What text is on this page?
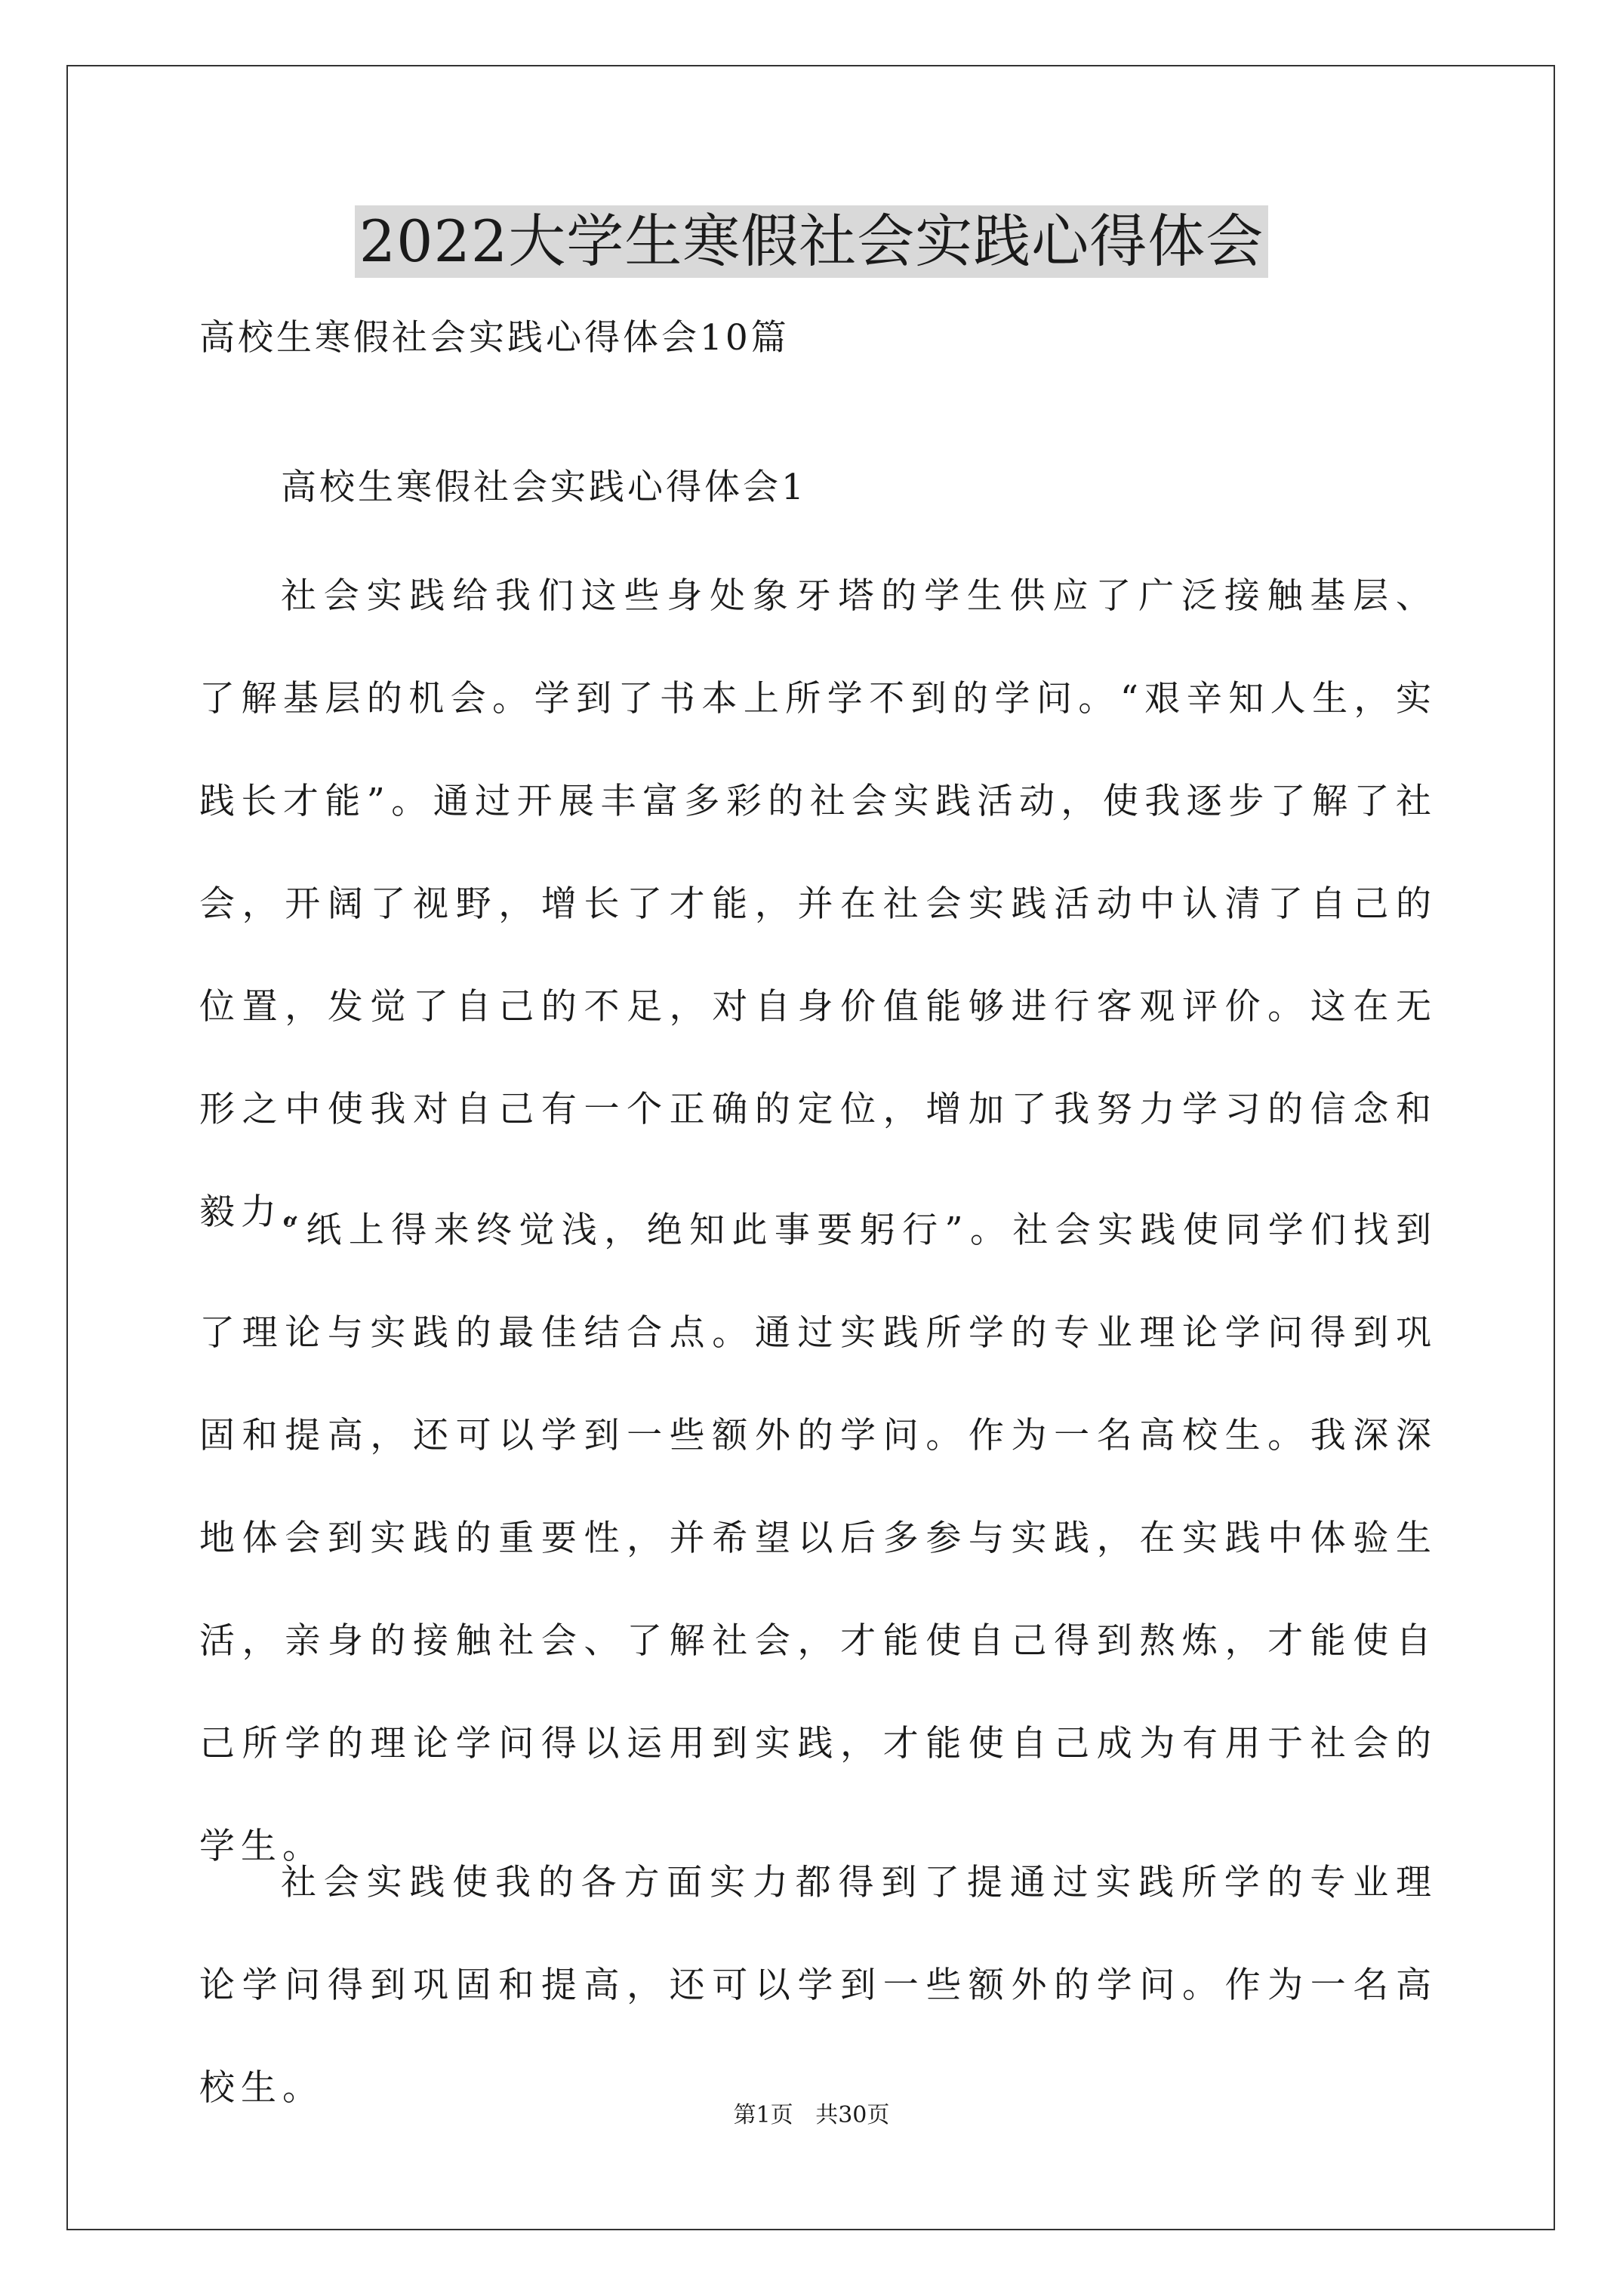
2022大学生寒假社会实践心得体会
高校生寒假社会实践心得体会10篇
高校生寒假社会实践心得体会1

社会实践给我们这些身处象牙塔的学生供应了广泛接触基层、了解基层的机会。学到了书本上所学不到的学问。“艰辛知人生，实践长才能”。通过开展丰富多彩的社会实践活动，使我逐步了解了社会，开阔了视野，增长了才能，并在社会实践活动中认清了自己的位置，发觉了自己的不足，对自身价值能够进行客观评价。这在无形之中使我对自己有一个正确的定位，增加了我努力学习的信念和毅力。

“纸上得来终觉浅，绝知此事要躬行”。社会实践使同学们找到了理论与实践的最佳结合点。通过实践所学的专业理论学问得到巩固和提高，还可以学到一些额外的学问。作为一名高校生。我深深地体会到实践的重要性，并希望以后多参与实践，在实践中体验生活，亲身的接触社会、了解社会，才能使自己得到熬炼，才能使自己所学的理论学问得以运用到实践，才能使自己成为有用于社会的学生。

社会实践使我的各方面实力都得到了提通过实践所学的专业理论学问得到巩固和提高，还可以学到一些额外的学问。作为一名高校生。

第1页 共30页
